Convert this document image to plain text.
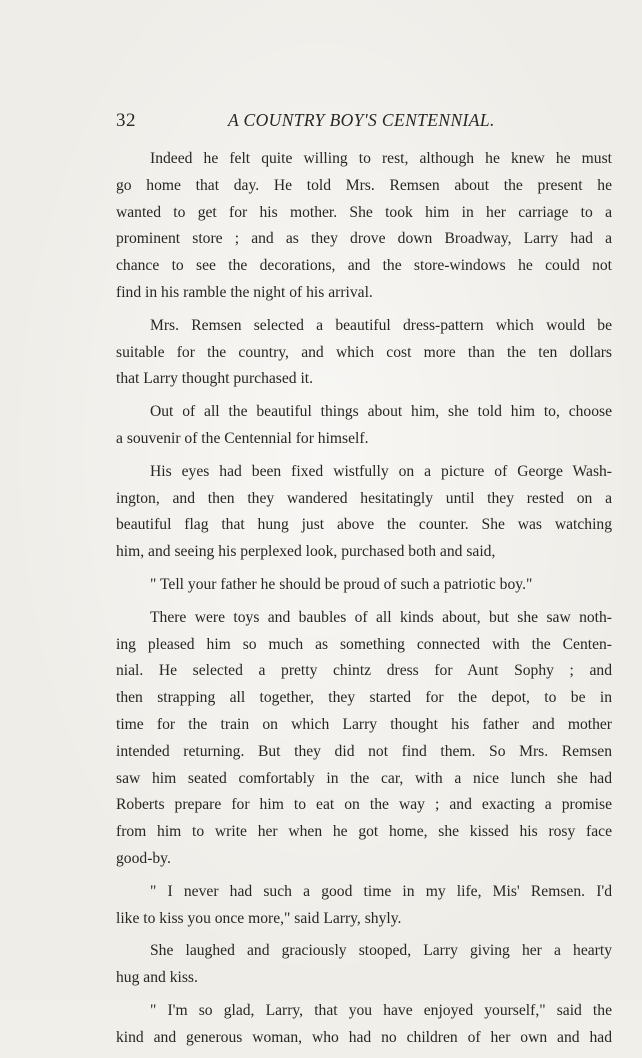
32	A COUNTRY BOY'S CENTENNIAL.
Indeed he felt quite willing to rest, although he knew he must
go home that day. He told Mrs. Remsen about the present he
wanted to get for his mother. She took him in her carriage to a
prominent store ; and as they drove down Broadway, Larry had a
chance to see the decorations, and the store-windows he could not
find in his ramble the night of his arrival.
Mrs. Remsen selected a beautiful dress-pattern which would be
suitable for the country, and which cost more than the ten dollars
that Larry thought purchased it.
Out of all the beautiful things about him, she told him to, choose
a souvenir of the Centennial for himself.
His eyes had been fixed wistfully on a picture of George Wash-
ington, and then they wandered hesitatingly until they rested on a
beautiful flag that hung just above the counter. She was watching
him, and seeing his perplexed look, purchased both and said,
" Tell your father he should be proud of such a patriotic boy."
There were toys and baubles of all kinds about, but she saw noth-
ing pleased him so much as something connected with the Centen-
nial. He selected a pretty chintz dress for Aunt Sophy ; and
then strapping all together, they started for the depot, to be in
time for the train on which Larry thought his father and mother
intended returning. But they did not find them. So Mrs. Remsen
saw him seated comfortably in the car, with a nice lunch she had
Roberts prepare for him to eat on the way ; and exacting a promise
from him to write her when he got home, she kissed his rosy face
good-by.
" I never had such a good time in my life, Mis' Remsen. I'd
like to kiss you once more," said Larry, shyly.
She laughed and graciously stooped, Larry giving her a hearty
hug and kiss.
" I'm so glad, Larry, that you have enjoyed yourself," said the
kind and generous woman, who had no children of her own and had
